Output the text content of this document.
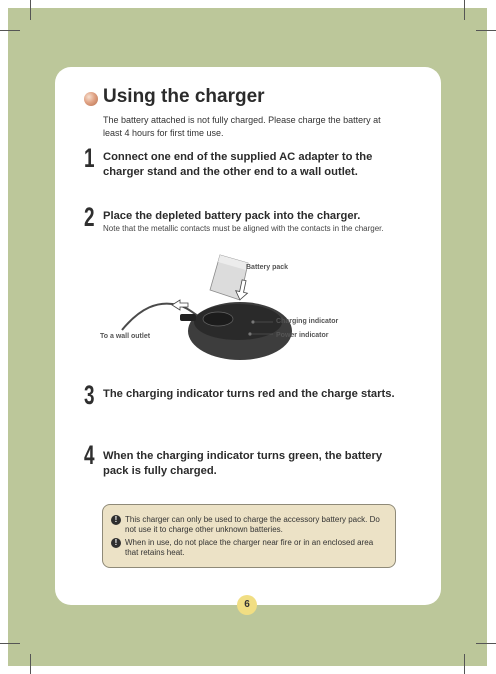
Using the charger
The battery attached is not fully charged. Please charge the battery at least 4 hours for first time use.
1 Connect one end of the supplied AC adapter to the charger stand and the other end to a wall outlet.
2 Place the depleted battery pack into the charger.
Note that the metallic contacts must be aligned with the contacts in the charger.
Battery pack
Charging indicator
Power indicator
To a wall outlet
3 The charging indicator turns red and the charge starts.
4 When the charging indicator turns green, the battery pack is fully charged.
! This charger can only be used to charge the accessory battery pack. Do not use it to charge other unknown batteries.
! When in use, do not place the charger near fire or in an enclosed area that retains heat.
6
